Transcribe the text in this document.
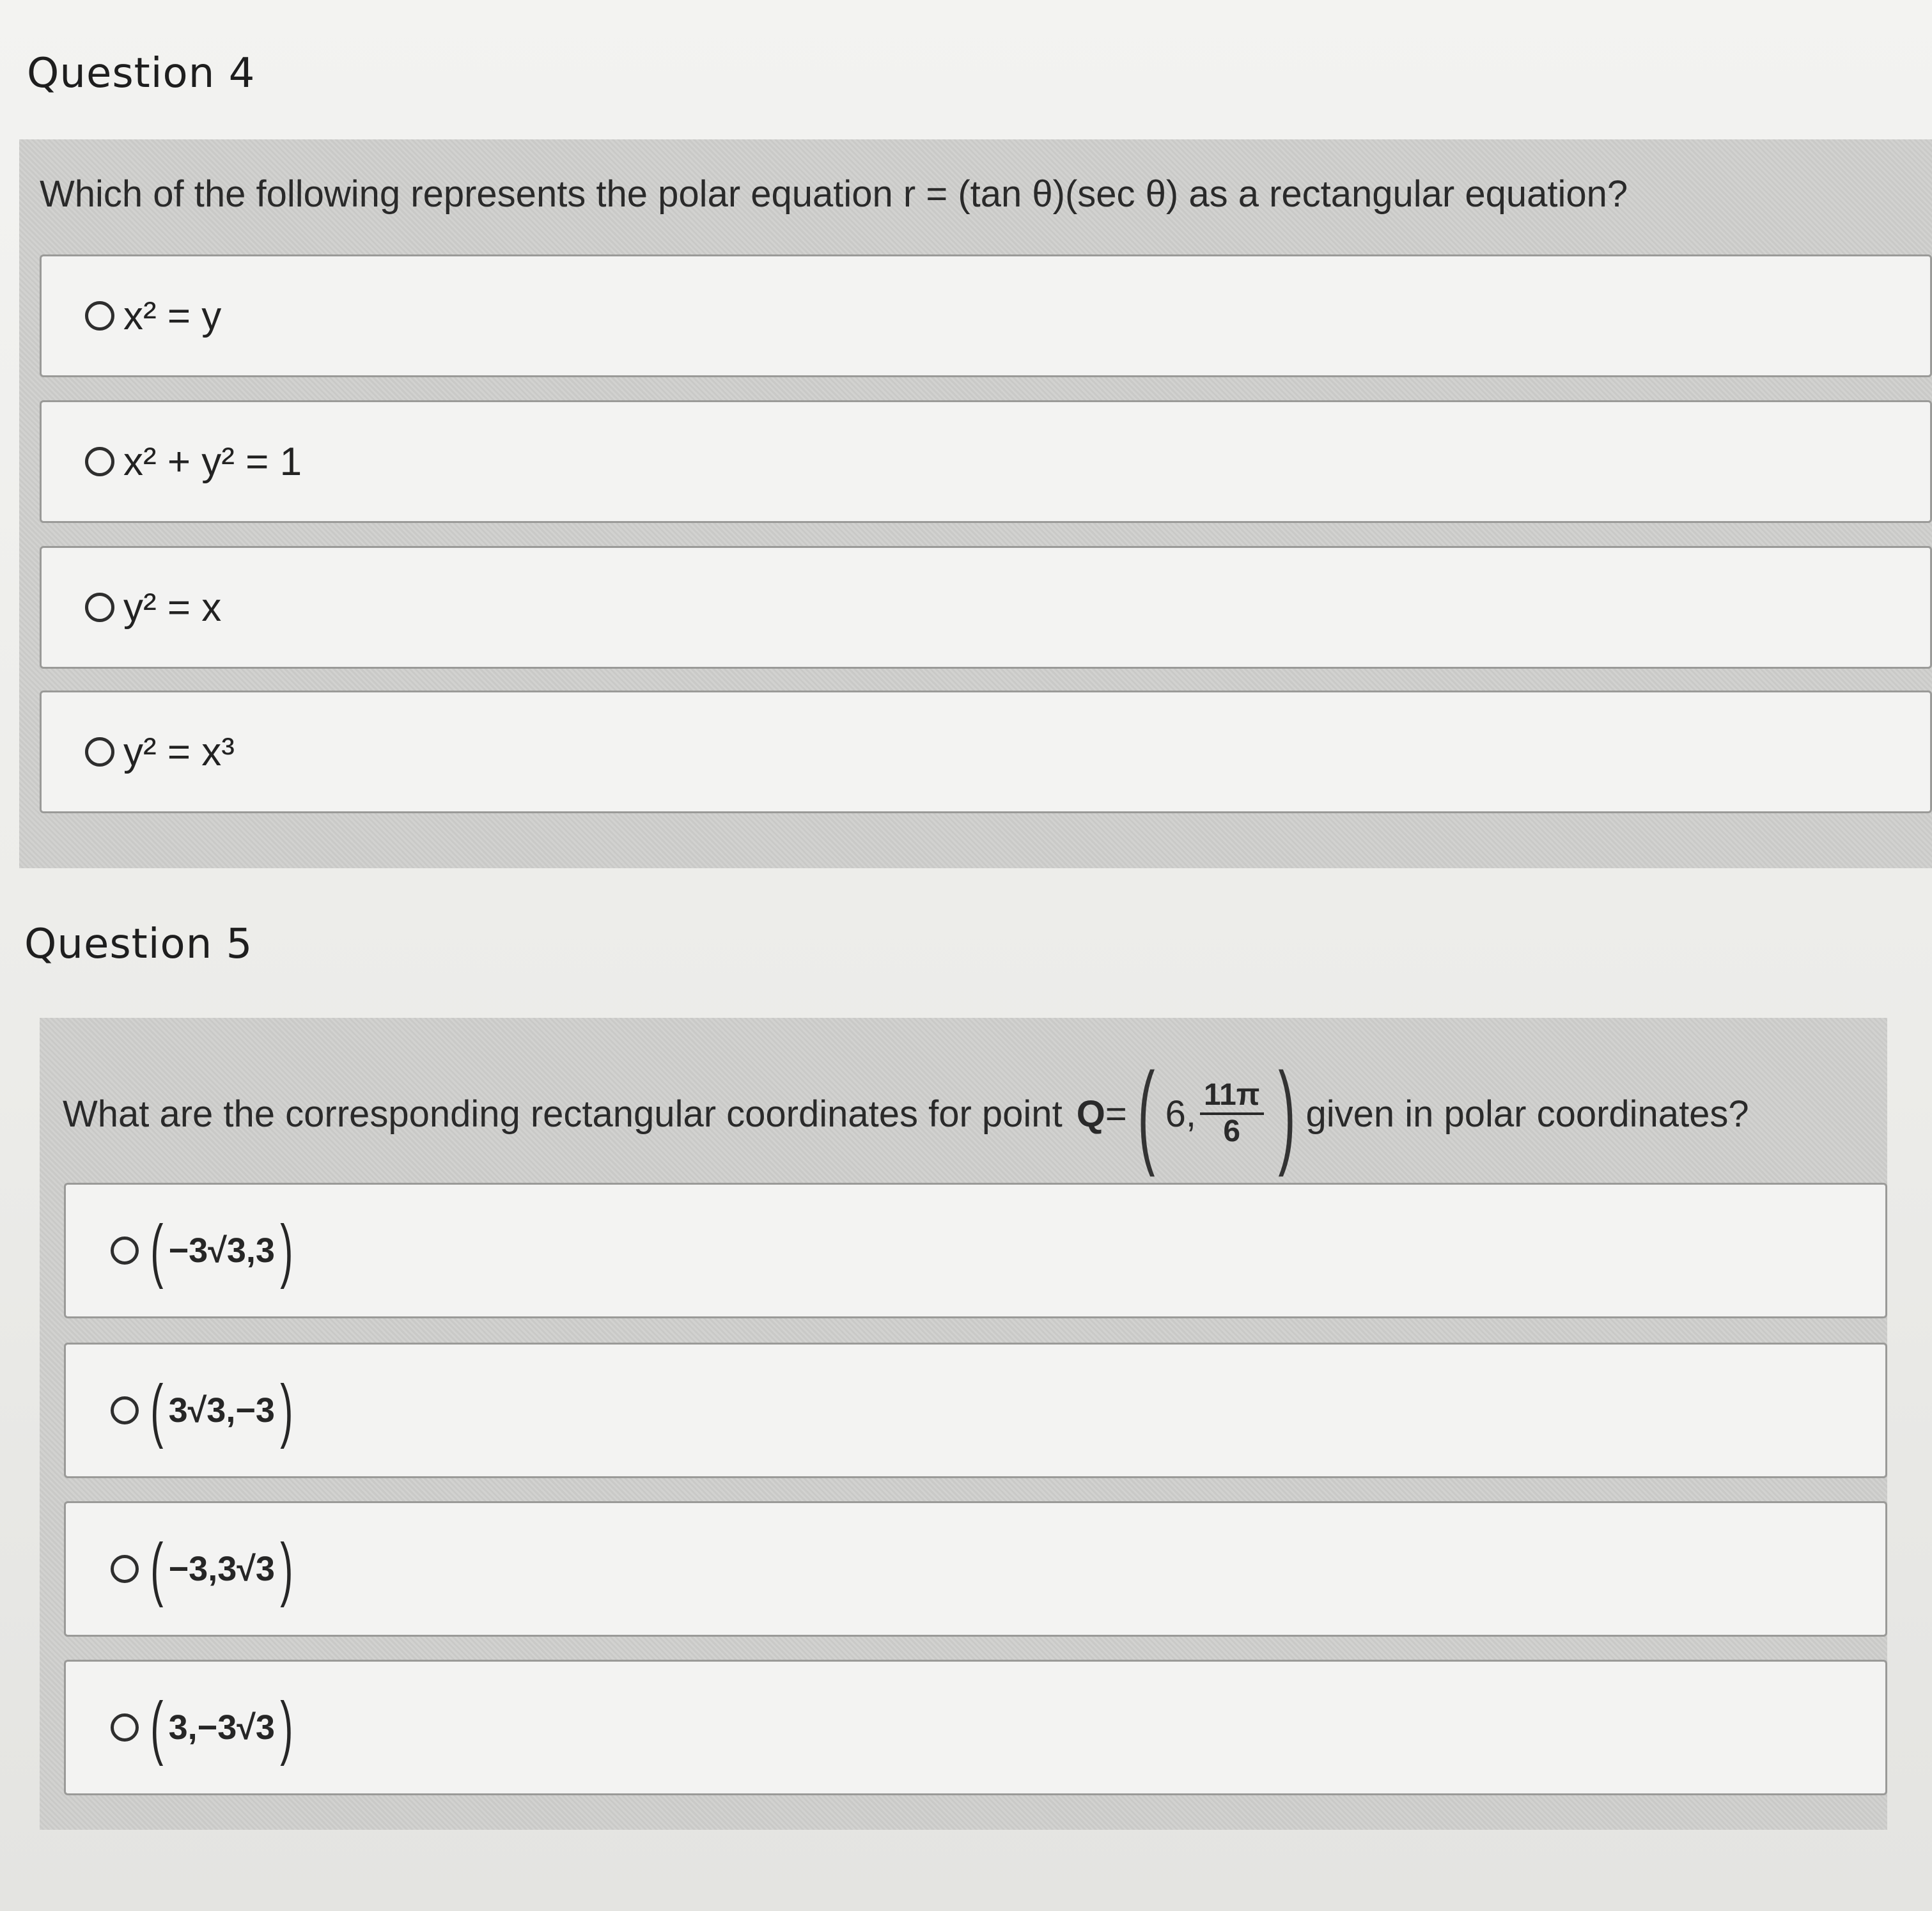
Question 4
Which of the following represents the polar equation r = (tan θ)(sec θ) as a rectangular equation?
x² = y
x² + y² = 1
y² = x
y² = x³
Question 5
What are the corresponding rectangular coordinates for point Q = ( 6, $\frac{11\pi}{6}$ ) given in polar coordinates?
( −3√3,3 )
( 3√3,−3 )
( −3,3√3 )
( 3,−3√3 )
